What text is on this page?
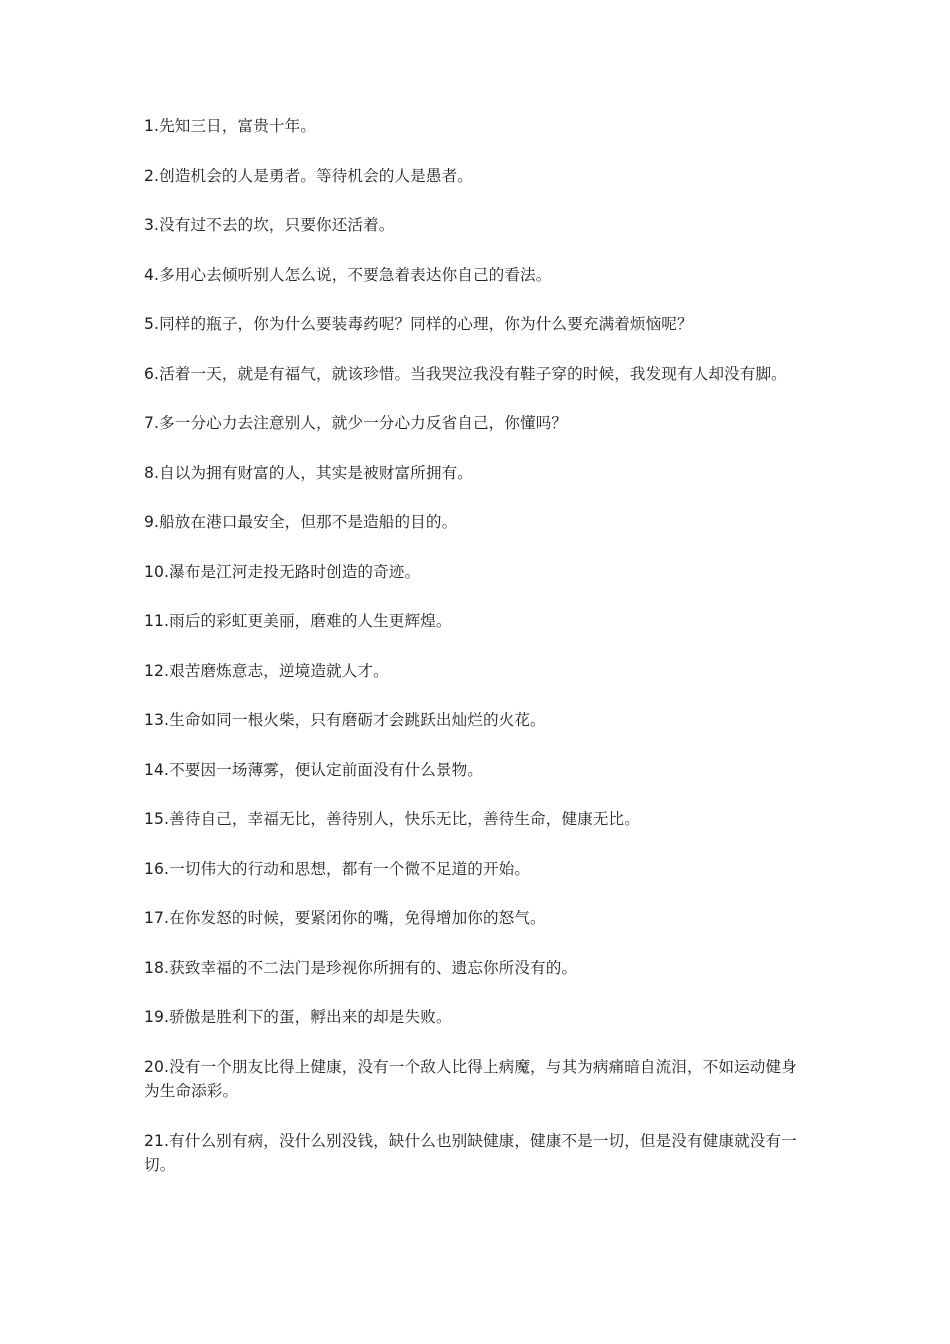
1.先知三日，富贵十年。

2.创造机会的人是勇者。等待机会的人是愚者。

3.没有过不去的坎，只要你还活着。

4.多用心去倾听别人怎么说，不要急着表达你自己的看法。

5.同样的瓶子，你为什么要装毒药呢？同样的心理，你为什么要充满着烦恼呢？

6.活着一天，就是有福气，就该珍惜。当我哭泣我没有鞋子穿的时候，我发现有人却没有脚。

7.多一分心力去注意别人，就少一分心力反省自己，你懂吗？

8.自以为拥有财富的人，其实是被财富所拥有。

9.船放在港口最安全，但那不是造船的目的。

10.瀑布是江河走投无路时创造的奇迹。

11.雨后的彩虹更美丽，磨难的人生更辉煌。

12.艰苦磨炼意志，逆境造就人才。

13.生命如同一根火柴，只有磨砺才会跳跃出灿烂的火花。

14.不要因一场薄雾，便认定前面没有什么景物。

15.善待自己，幸福无比，善待别人，快乐无比，善待生命，健康无比。

16.一切伟大的行动和思想，都有一个微不足道的开始。

17.在你发怒的时候，要紧闭你的嘴，免得增加你的怒气。

18.获致幸福的不二法门是珍视你所拥有的、遗忘你所没有的。

19.骄傲是胜利下的蛋，孵出来的却是失败。

20.没有一个朋友比得上健康，没有一个敌人比得上病魔，与其为病痛暗自流泪，不如运动健身为生命添彩。

21.有什么别有病，没什么别没钱，缺什么也别缺健康，健康不是一切，但是没有健康就没有一切。
